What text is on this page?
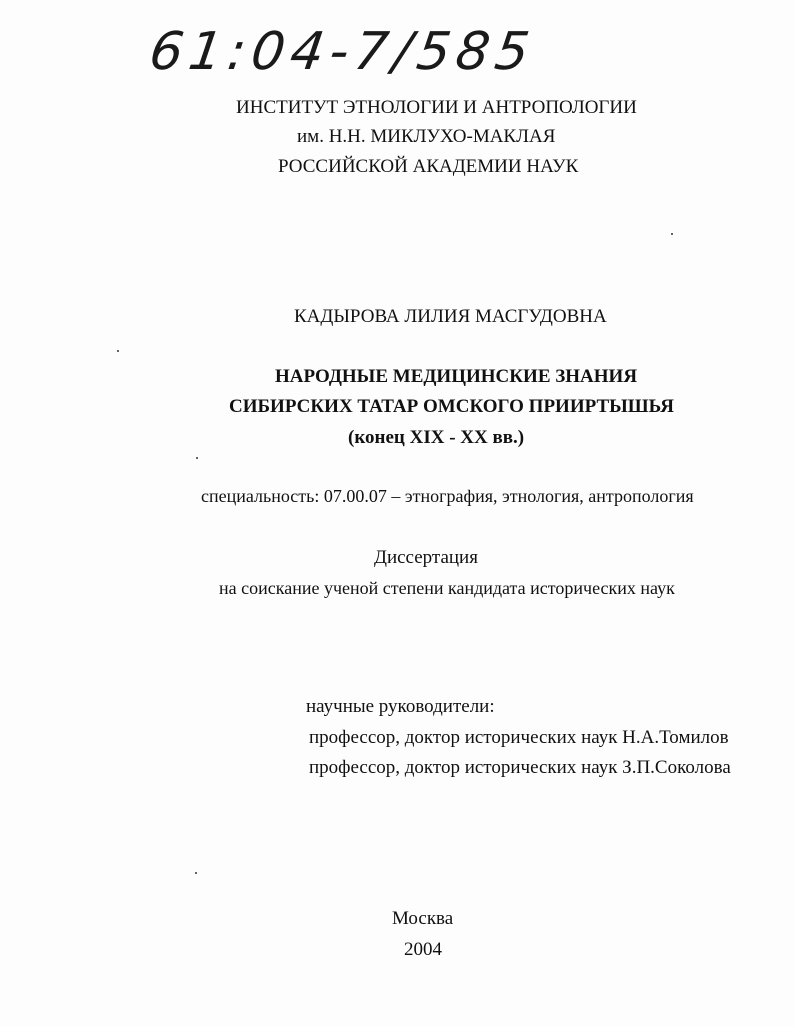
61:04-7/585
ИНСТИТУТ ЭТНОЛОГИИ И АНТРОПОЛОГИИ
им. Н.Н. МИКЛУХО-МАКЛАЯ
РОССИЙСКОЙ АКАДЕМИИ НАУК
КАДЫРОВА ЛИЛИЯ МАСГУДОВНА
НАРОДНЫЕ МЕДИЦИНСКИЕ ЗНАНИЯ
СИБИРСКИХ ТАТАР ОМСКОГО ПРИИРТЫШЬЯ
(конец XIX - XX вв.)
специальность: 07.00.07 – этнография, этнология, антропология
Диссертация
на соискание ученой степени кандидата исторических наук
научные руководители:
профессор, доктор исторических наук Н.А.Томилов
профессор, доктор исторических наук З.П.Соколова
Москва
2004
